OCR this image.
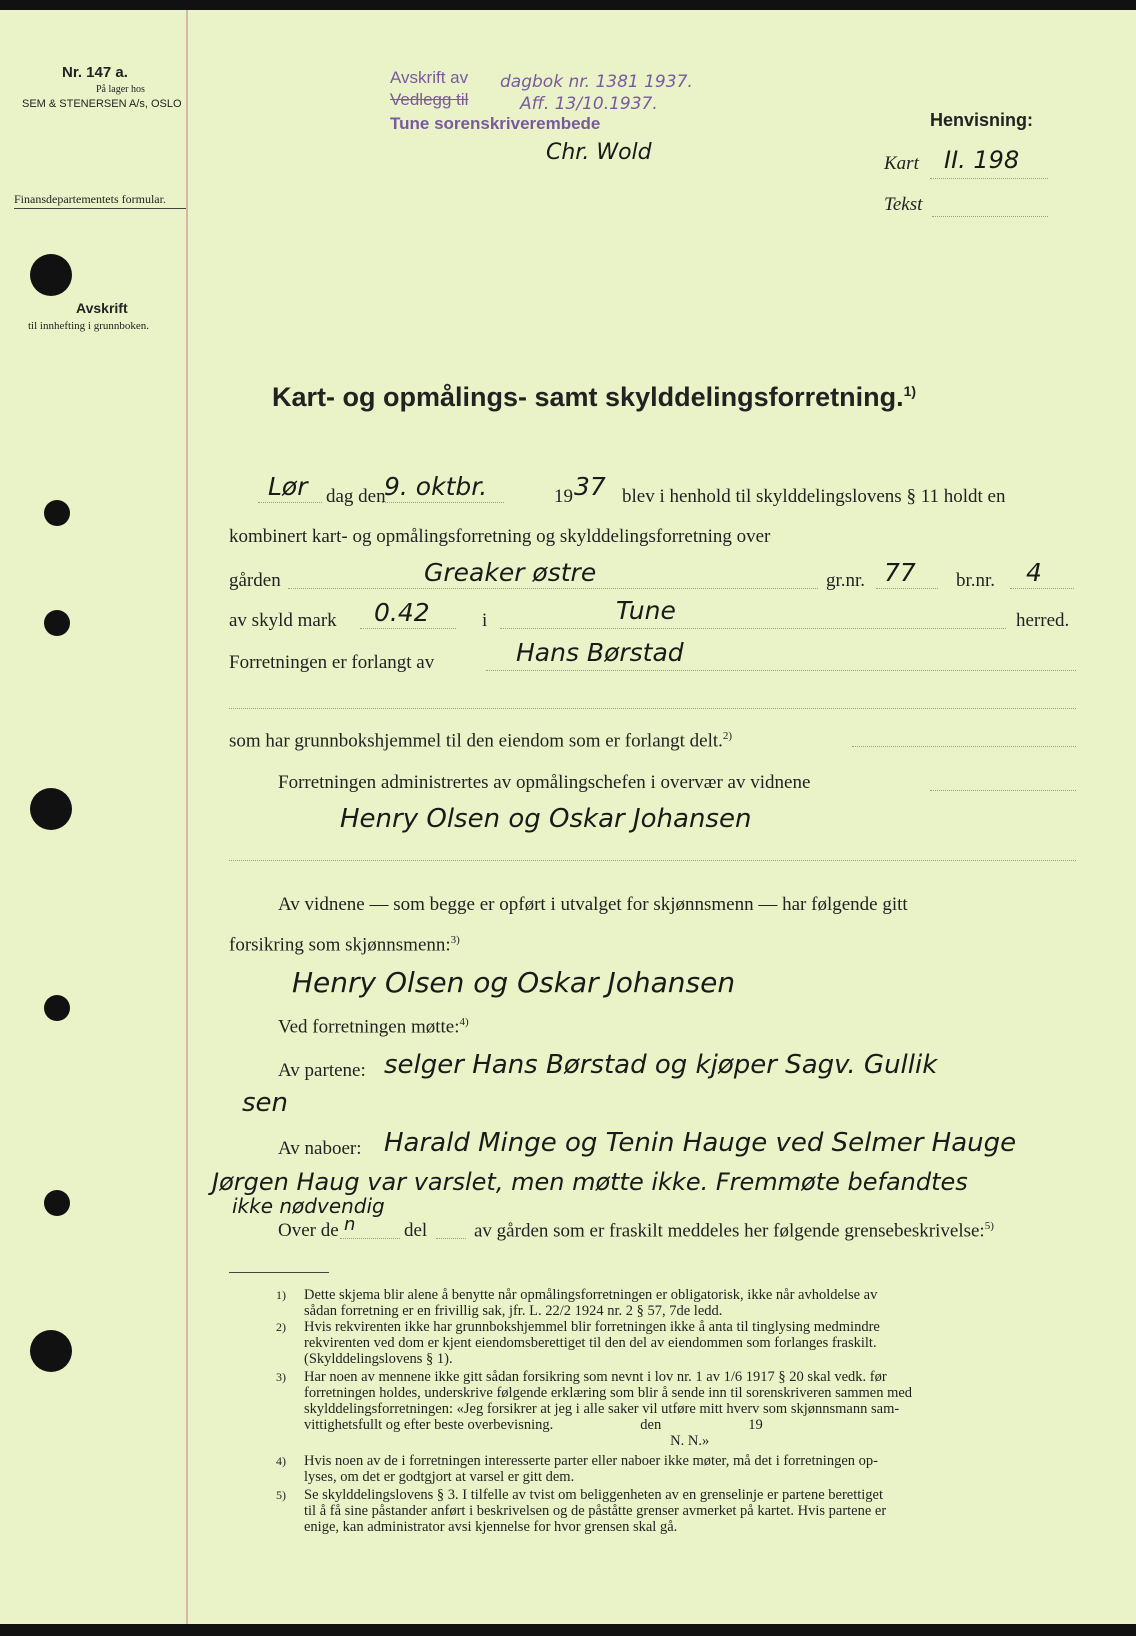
Nr. 147 a.
På lager hos
SEM & STENERSEN A/s, OSLO
Finansdepartementets formular.
Avskrift
til innhefting i grunnboken.
Avskrift av dagbok nr. 1381 1937.
Vedlegg til	Aff. 13/10.1937.
Tune sorenskriverembede
Chr. Wold
Henvisning:
Kart II. 198
Tekst
Kart- og opmålings- samt skylddelingsforretning.$^{1)}$
Lør dag den
9. oktbr.	19 37 blev i henhold til skylddelingslovens § 11 holdt en
kombinert kart- og opmålingsforretning og skylddelingsforretning over
gården	Greaker østre	gr.nr. 77 br.nr. 4
av skyld mark 0.42	i	Tune	herred.
Forretningen er forlangt av	Hans Børstad
som har grunnbokshjemmel til den eiendom som er forlangt delt.$^{2)}$
Forretningen administrertes av opmålingschefen i overvær av vidnene
Henry Olsen og Oskar Johansen
Av vidnene — som begge er opført i utvalget for skjønnsmenn — har følgende gitt
forsikring som skjønnsmenn:$^{3)}$
Henry Olsen og Oskar Johansen
Ved forretningen møtte:$^{4)}$
Av partene: selger Hans Børstad og kjøper Sagv. Gullik
sen
Av naboer: Harald Minge og Tenin Hauge ved Selmer Hauge
Jørgen Haug var varslet, men møtte ikke. Fremmøte befandtes
ikke nødvendig
Over de n	del av gården som er fraskilt meddeles her følgende grensebeskrivelse:$^{5)}$
1) Dette skjema blir alene å benytte når opmålingsforretningen er obligatorisk, ikke når avholdelse av
sådan forretning er en frivillig sak, jfr. L. 22/2 1924 nr. 2 § 57, 7de ledd.
2) Hvis rekvirenten ikke har grunnbokshjemmel blir forretningen ikke å anta til tinglysing medmindre
rekvirenten ved dom er kjent eiendomsberettiget til den del av eiendommen som forlanges fraskilt.
(Skylddelingslovens § 1).
3) Har noen av mennene ikke gitt sådan forsikring som nevnt i lov nr. 1 av 1/6 1917 § 20 skal vedk. før
forretningen holdes, underskrive følgende erklæring som blir å sende inn til sorenskriveren sammen med
skylddelingsforretningen: «Jeg forsikrer at jeg i alle saker vil utføre mitt hverv som skjønnsmann sam-
vittighetsfullt og efter beste overbevisning.                        den                        19
N. N.»
4) Hvis noen av de i forretningen interesserte parter eller naboer ikke møter, må det i forretningen op-
lyses, om det er godtgjort at varsel er gitt dem.
5) Se skylddelingslovens § 3. I tilfelle av tvist om beliggenheten av en grenselinje er partene berettiget
til å få sine påstander anført i beskrivelsen og de påståtte grenser avmerket på kartet. Hvis partene er
enige, kan administrator avsi kjennelse for hvor grensen skal gå.
